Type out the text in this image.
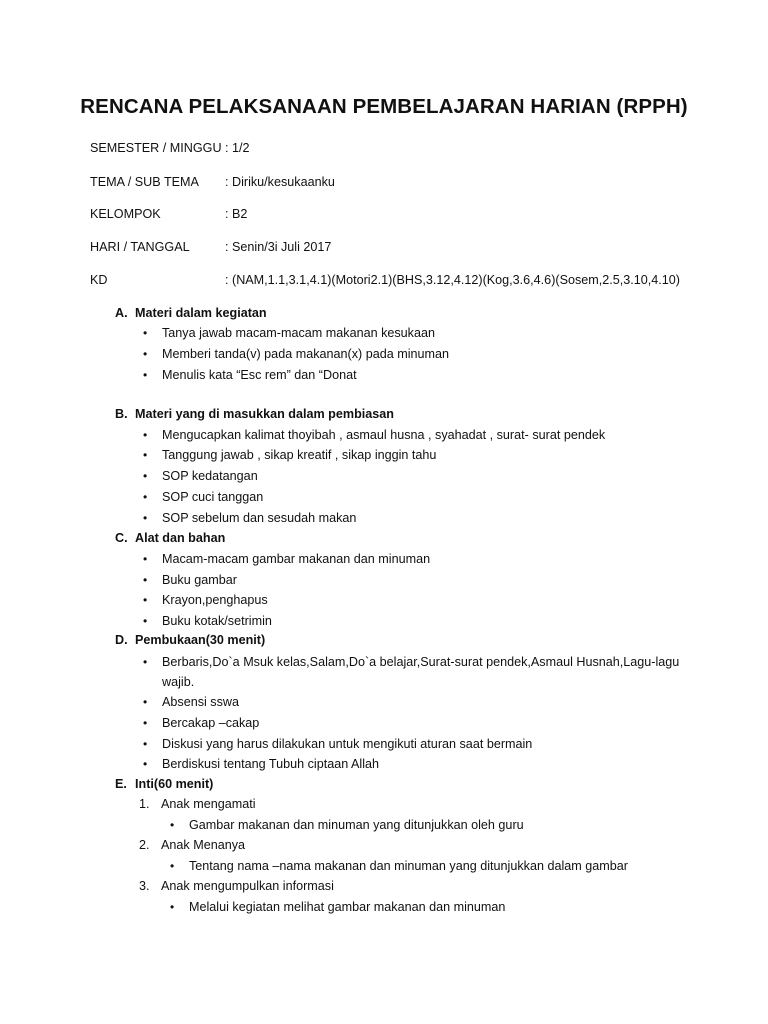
RENCANA PELAKSANAAN PEMBELAJARAN HARIAN (RPPH)
SEMESTER / MINGGU : 1/2
TEMA / SUB TEMA : Diriku/kesukaanku
KELOMPOK	: B2
HARI / TANGGAL	: Senin/3i Juli 2017
KD	: (NAM,1.1,3.1,4.1)(Motori2.1)(BHS,3.12,4.12)(Kog,3.6,4.6)(Sosem,2.5,3.10,4.10)
A. Materi dalam kegiatan
• Tanya jawab macam-macam makanan kesukaan
• Memberi tanda(v) pada makanan(x) pada minuman
• Menulis kata “Esc rem” dan “Donat
B. Materi yang di masukkan dalam pembiasan
• Mengucapkan kalimat thoyibah , asmaul husna , syahadat , surat- surat pendek
• Tanggung jawab , sikap kreatif , sikap inggin tahu
• SOP kedatangan
• SOP cuci tanggan
• SOP sebelum dan sesudah makan
C. Alat dan bahan
• Macam-macam gambar makanan dan minuman
• Buku gambar
• Krayon,penghapus
• Buku kotak/setrimin
D. Pembukaan(30 menit)
• Berbaris,Do`a Msuk kelas,Salam,Do`a belajar,Surat-surat pendek,Asmaul Husnah,Lagu-lagu
wajib.
• Absensi sswa
• Bercakap –cakap
• Diskusi yang harus dilakukan untuk mengikuti aturan saat bermain
• Berdiskusi tentang Tubuh ciptaan Allah
E. Inti(60 menit)
1. Anak mengamati
• Gambar makanan dan minuman yang ditunjukkan oleh guru
2. Anak Menanya
• Tentang nama –nama makanan dan minuman yang ditunjukkan dalam gambar
3. Anak mengumpulkan informasi
• Melalui kegiatan melihat gambar makanan dan minuman
